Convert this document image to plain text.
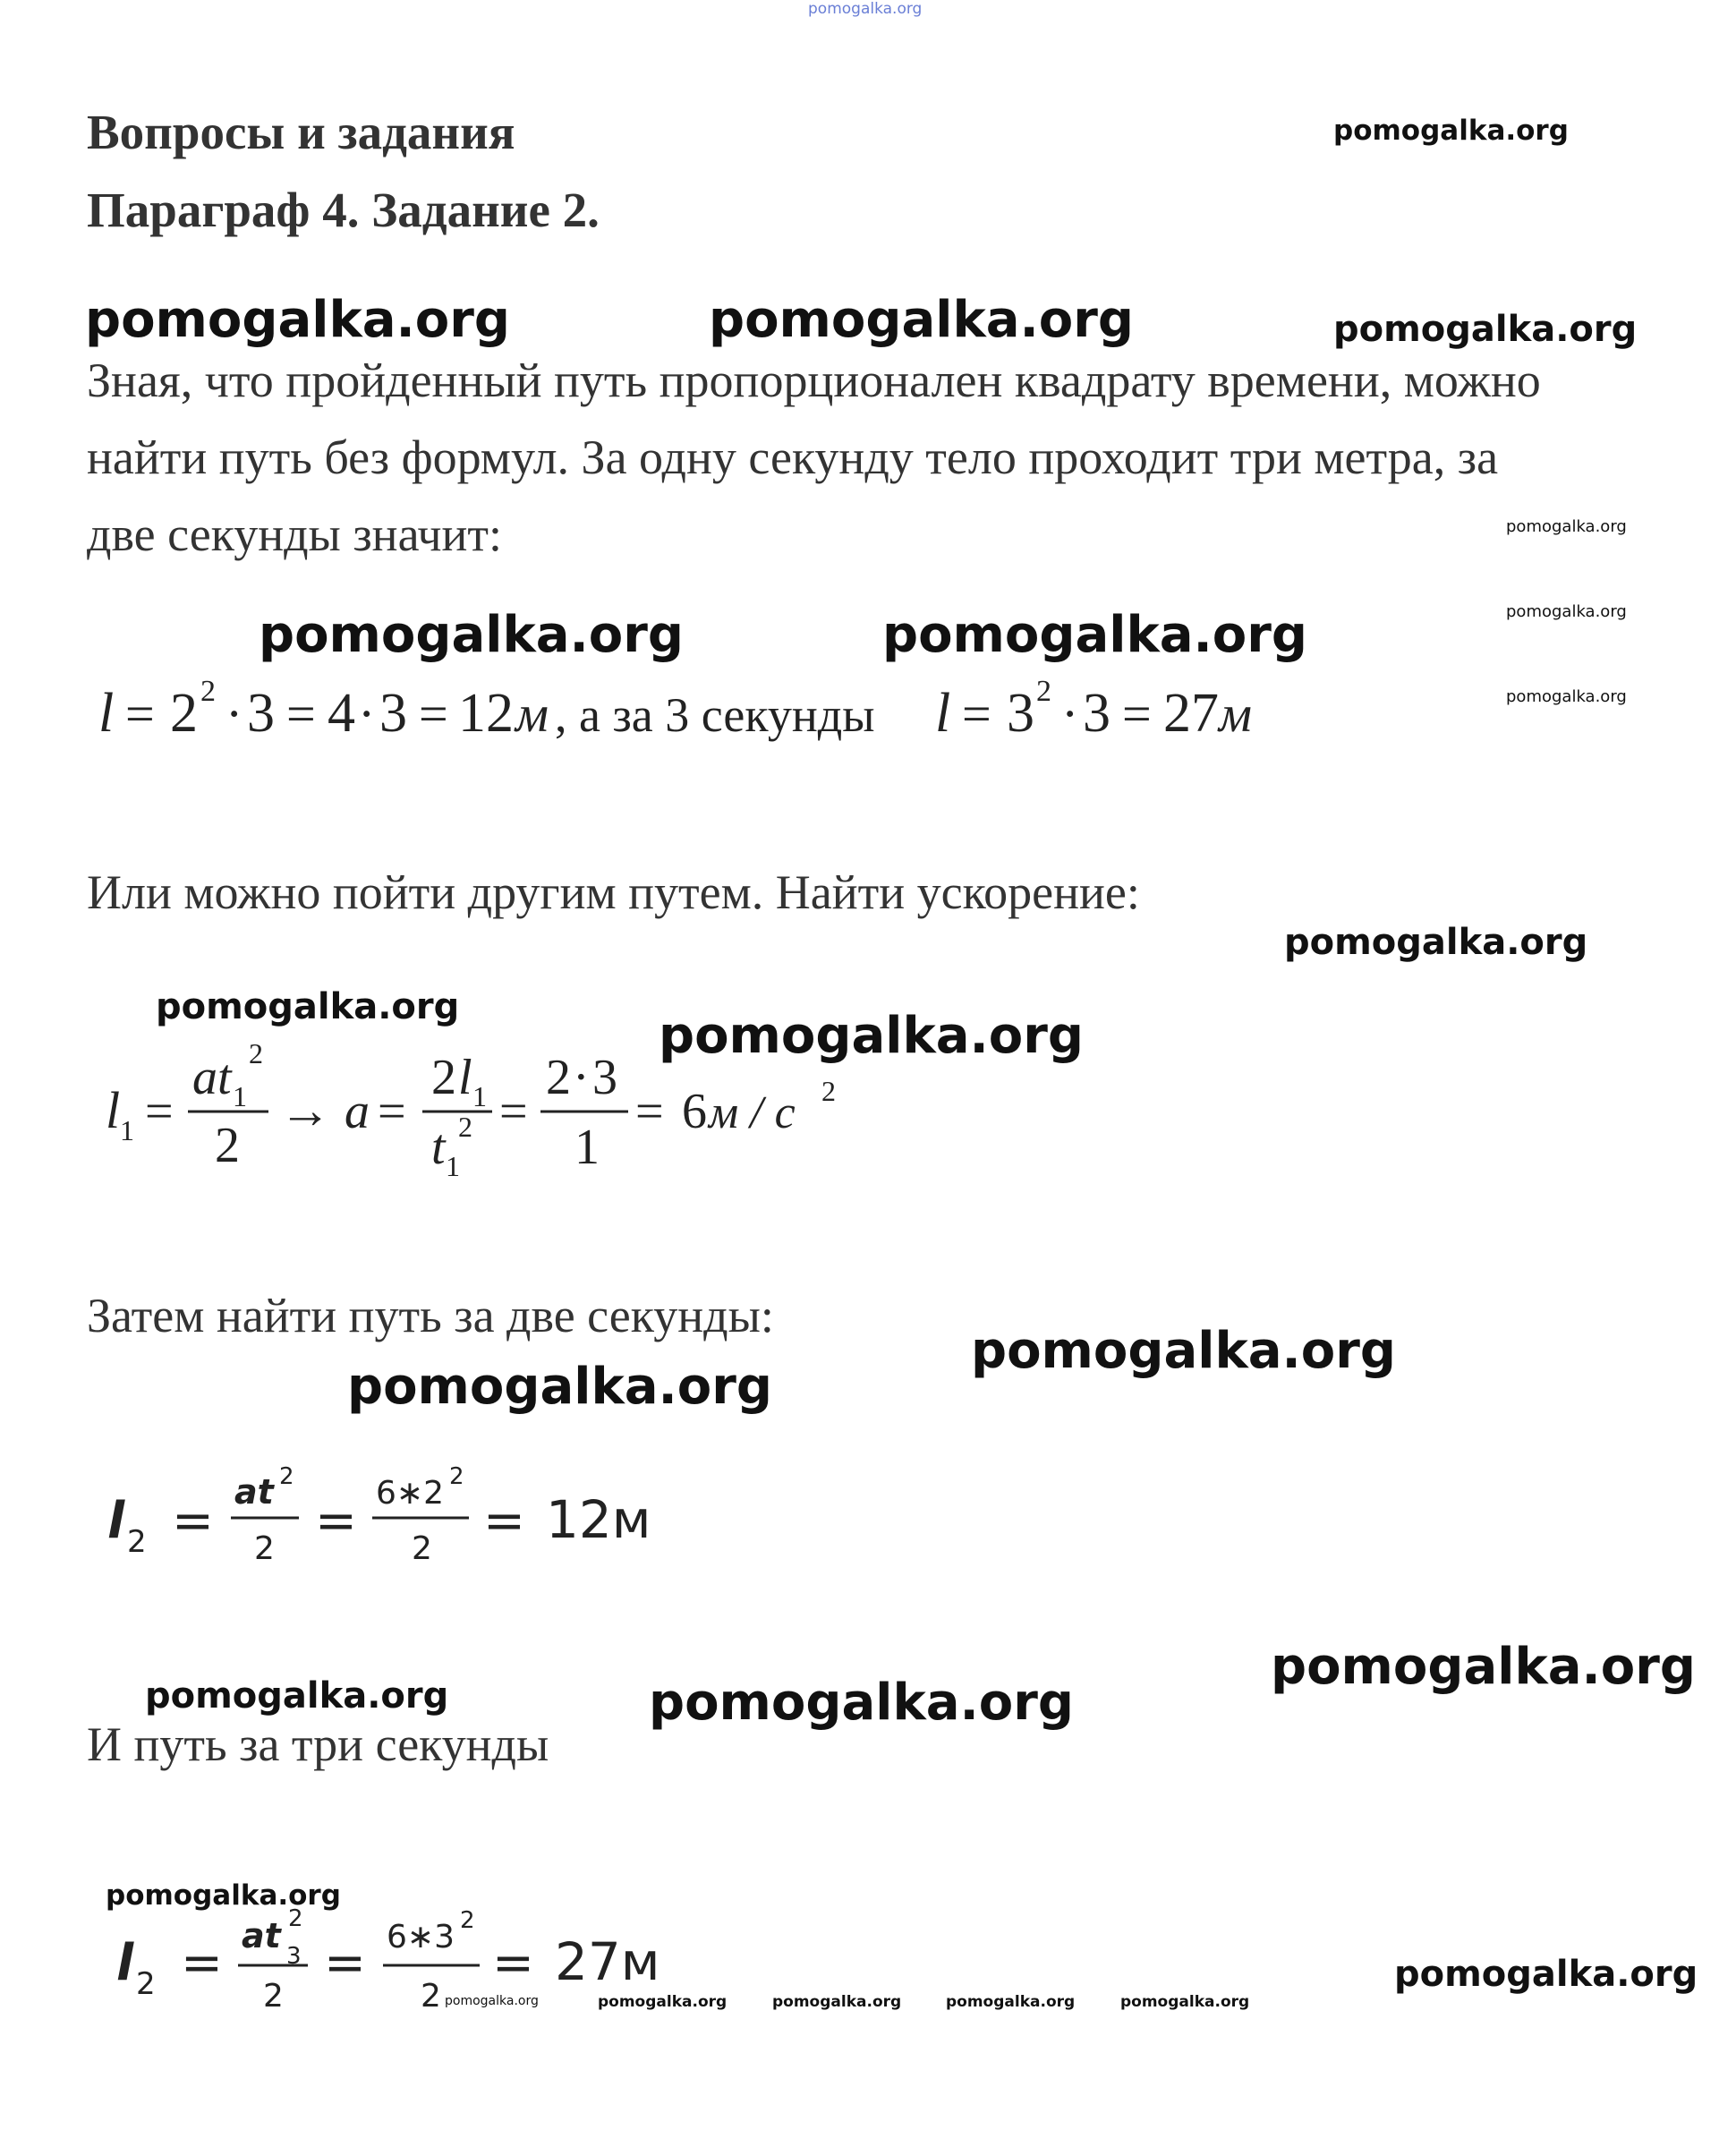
pomogalka.org
Вопросы и задания
Параграф 4. Задание 2.
Зная, что пройденный путь пропорционален квадрату времени, можно
найти путь без формул. За одну секунду тело проходит три метра, за
две секунды значит:
l = 2 2 · 3 = 4 · 3 = 12 м , а за 3 секунды l = 3 2 · 3 = 27 м
Или можно пойти другим путем. Найти ускорение:
l 1 =
a t 1
2
2
→ a =
2 l 1
t 1
2 =
2 · 3
1
= 6 м / с 2
Затем найти путь за две секунды:
l 2 = at 2
2 = 6∗2 2
2 = 12м
И путь за три секунды
l 2 = at
3
2
2
= 6∗3 2
2
= 27м
pomogalka.org
pomogalka.org	pomogalka.org	pomogalka.org
pomogalka.org
pomogalka.org	pomogalka.org	pomogalka.org
pomogalka.org
pomogalka.org
pomogalka.org	pomogalka.org
pomogalka.org
pomogalka.org
pomogalka.org
pomogalka.org	pomogalka.org
pomogalka.org
pomogalka.org
pomogalka.org	pomogalka.org	pomogalka.org	pomogalka.org	pomogalka.org
